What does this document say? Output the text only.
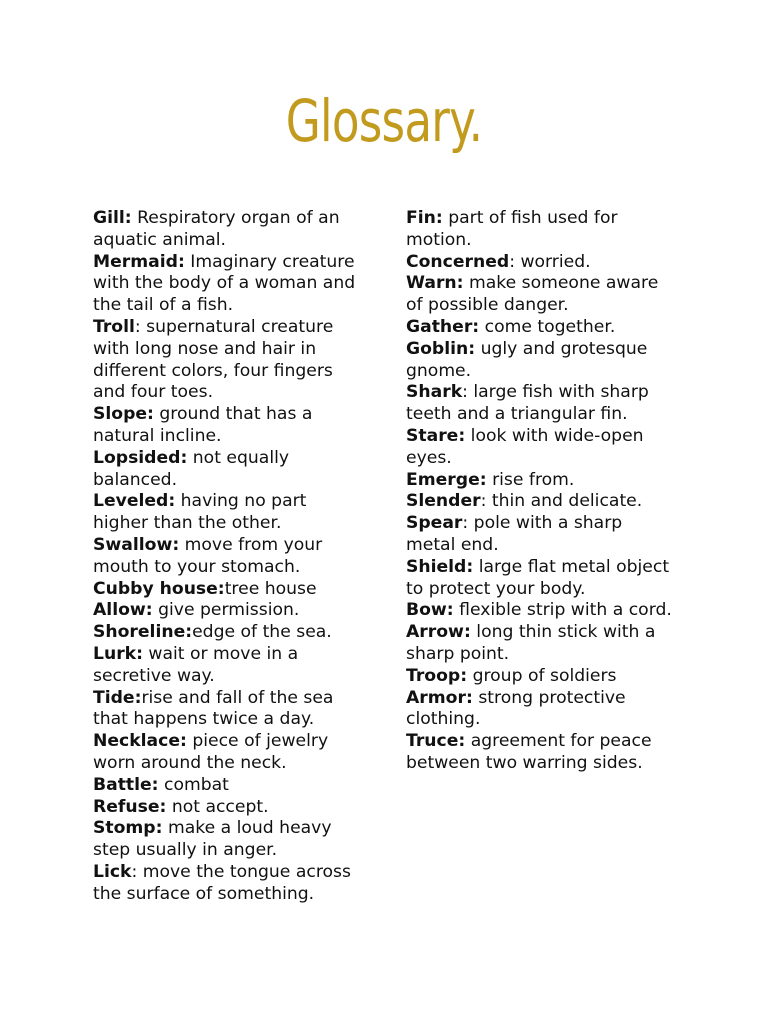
Glossary.

Gill: Respiratory organ of an aquatic animal.

Mermaid: Imaginary creature with the body of a woman and the tail of a fish.

Troll: supernatural creature with long nose and hair in different colors, four fingers and four toes.

Slope: ground that has a natural incline.

Lopsided: not equally balanced.

Leveled: having no part higher than the other.

Swallow: move from your mouth to your stomach.

Cubby house:tree house

Allow: give permission.

Shoreline:edge of the sea.

Lurk: wait or move in a secretive way.

Tide:rise and fall of the sea that happens twice a day.

Necklace: piece of jewelry worn around the neck.

Battle: combat

Refuse: not accept.

Stomp: make a loud heavy step usually in anger.

Lick: move the tongue across the surface of something.

Fin: part of fish used for motion.

Concerned: worried.

Warn: make someone aware of possible danger.

Gather: come together.

Goblin: ugly and grotesque gnome.

Shark: large fish with sharp teeth and a triangular fin.

Stare: look with wide-open eyes.

Emerge: rise from.

Slender: thin and delicate.

Spear: pole with a sharp metal end.

Shield: large flat metal object to protect your body.

Bow: flexible strip with a cord.

Arrow: long thin stick with a sharp point.

Troop: group of soldiers

Armor: strong protective clothing.

Truce: agreement for peace between two warring sides.
